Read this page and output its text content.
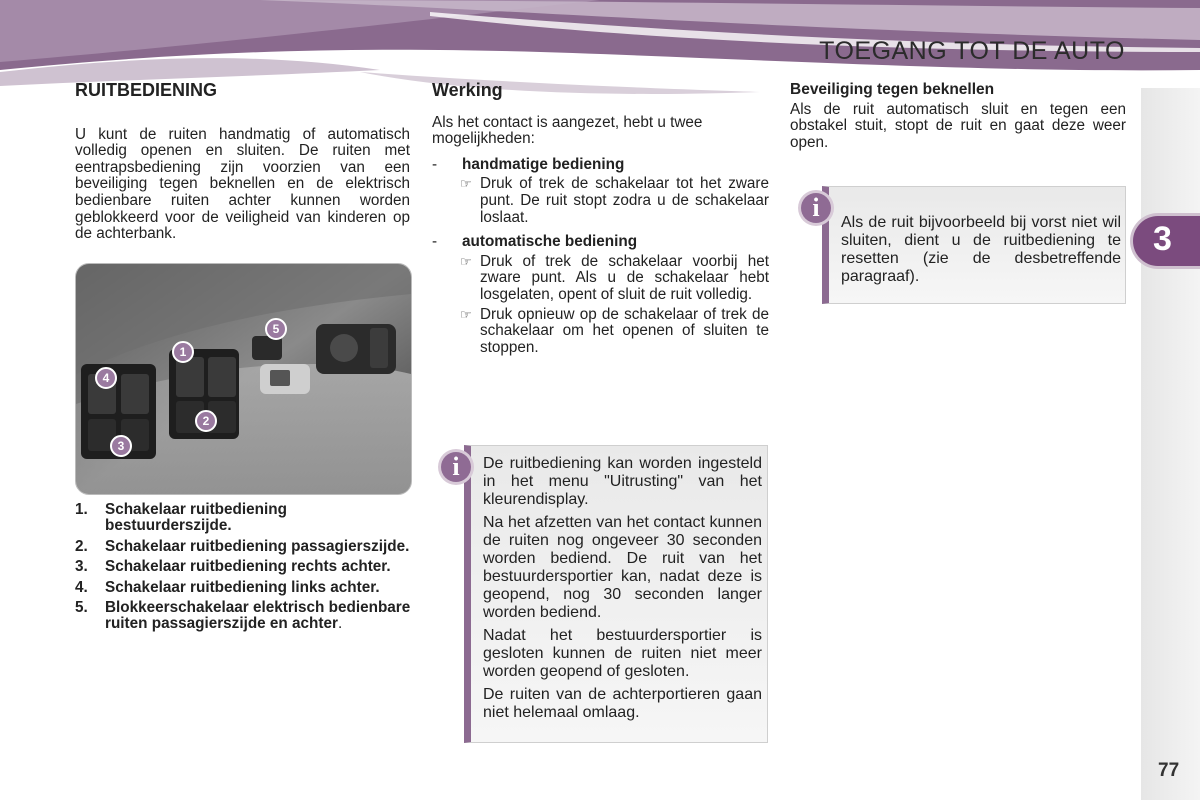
TOEGANG TOT DE AUTO
3
RUITBEDIENING

U kunt de ruiten handmatig of automatisch volledig openen en sluiten. De ruiten met eentrapsbediening zijn voorzien van een beveiliging tegen beknellen en de elektrisch bedienbare ruiten achter kunnen worden geblokkeerd voor de veiligheid van kinderen op de achterbank.

1
2
3
4
5
1. Schakelaar ruitbediening bestuurderszijde.
2. Schakelaar ruitbediening passagierszijde.
3. Schakelaar ruitbediening rechts achter.
4. Schakelaar ruitbediening links achter.
5. Blokkeerschakelaar elektrisch bedienbare ruiten passagierszijde en achter.
Werking

Als het contact is aangezet, hebt u twee mogelijkheden:

- handmatige bediening
☞ Druk of trek de schakelaar tot het zware punt. De ruit stopt zodra u de schakelaar loslaat.
- automatische bediening
☞ Druk of trek de schakelaar voorbij het zware punt. Als u de schakelaar hebt losgelaten, opent of sluit de ruit volledig.
☞ Druk opnieuw op de schakelaar of trek de schakelaar om het openen of sluiten te stoppen.
i	De ruitbediening kan worden ingesteld in het menu "Uitrusting" van het kleurendisplay.

Na het afzetten van het contact kunnen de ruiten nog ongeveer 30 seconden worden bediend. De ruit van het bestuurdersportier kan, nadat deze is geopend, nog 30 seconden langer worden bediend.

Nadat het bestuurdersportier is gesloten kunnen de ruiten niet meer worden geopend of gesloten.

De ruiten van de achterportieren gaan niet helemaal omlaag.

Beveiliging tegen beknellen

Als de ruit automatisch sluit en tegen een obstakel stuit, stopt de ruit en gaat deze weer open.

i
Als de ruit bijvoorbeeld bij vorst niet wil sluiten, dient u de ruitbediening te resetten (zie de desbetreffende paragraaf).
77
